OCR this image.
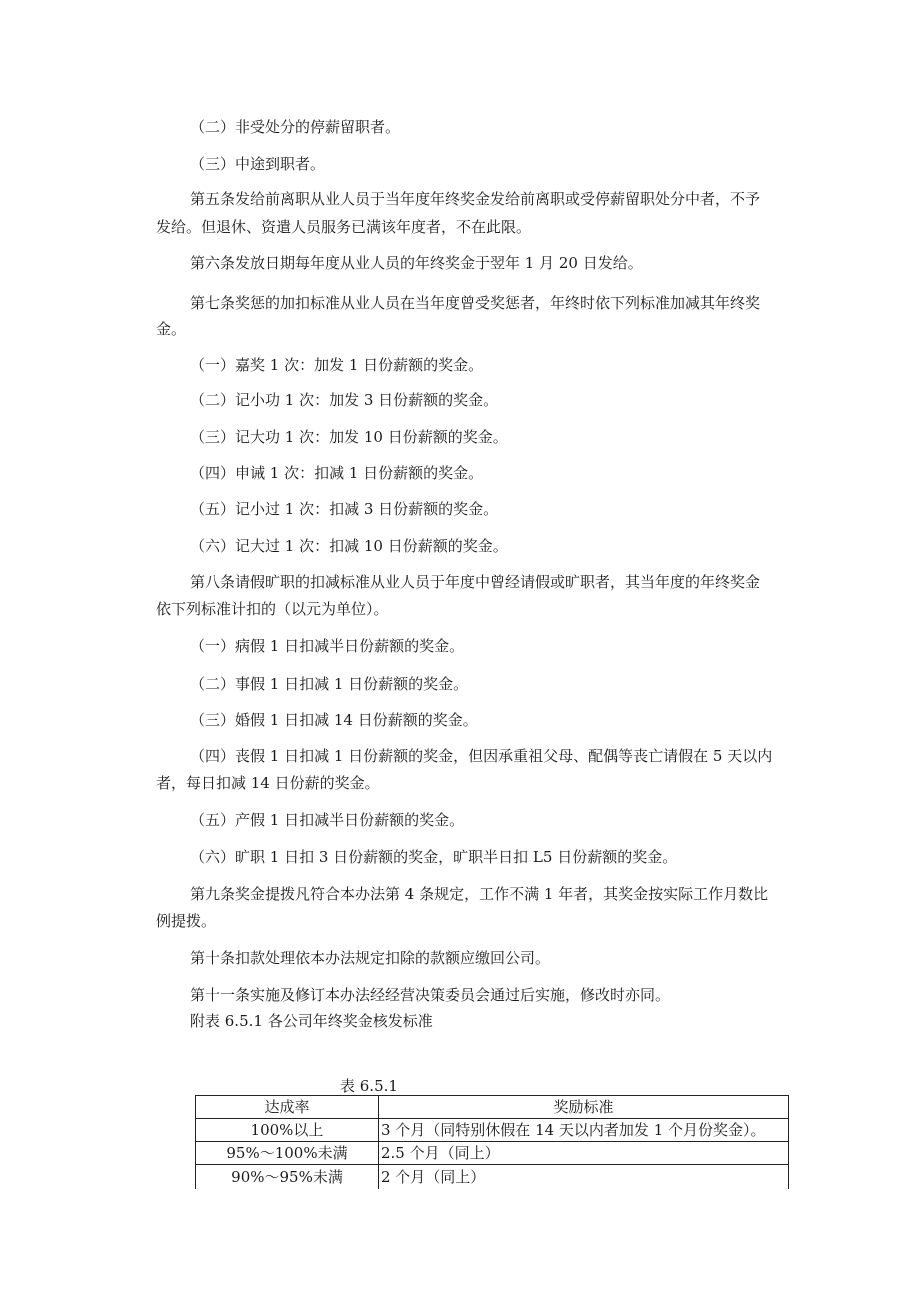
（二）非受处分的停薪留职者。
（三）中途到职者。
第五条发给前离职从业人员于当年度年终奖金发给前离职或受停薪留职处分中者，不予
发给。但退休、资遣人员服务已满该年度者，不在此限。
第六条发放日期每年度从业人员的年终奖金于翌年 1 月 20 日发给。
第七条奖惩的加扣标准从业人员在当年度曾受奖惩者，年终时依下列标准加减其年终奖
金。
（一）嘉奖 1 次：加发 1 日份薪额的奖金。
（二）记小功 1 次：加发 3 日份薪额的奖金。
（三）记大功 1 次：加发 10 日份薪额的奖金。
（四）申诫 1 次：扣减 1 日份薪额的奖金。
（五）记小过 1 次：扣减 3 日份薪额的奖金。
（六）记大过 1 次：扣减 10 日份薪额的奖金。
第八条请假旷职的扣减标准从业人员于年度中曾经请假或旷职者，其当年度的年终奖金
依下列标准计扣的（以元为单位）。
（一）病假 1 日扣减半日份薪额的奖金。
（二）事假 1 日扣减 1 日份薪额的奖金。
（三）婚假 1 日扣减 14 日份薪额的奖金。
（四）丧假 1 日扣减 1 日份薪额的奖金，但因承重祖父母、配偶等丧亡请假在 5 天以内
者，每日扣减 14 日份薪的奖金。
（五）产假 1 日扣减半日份薪额的奖金。
（六）旷职 1 日扣 3 日份薪额的奖金，旷职半日扣 L5 日份薪额的奖金。
第九条奖金提拨凡符合本办法第 4 条规定，工作不满 1 年者，其奖金按实际工作月数比
例提拨。
第十条扣款处理依本办法规定扣除的款额应缴回公司。
第十一条实施及修订本办法经经营决策委员会通过后实施，修改时亦同。
附表 6.5.1 各公司年终奖金核发标准
表 6.5.1
达成率	奖励标准
100%以上	3 个月（同特别休假在 14 天以内者加发 1 个月份奖金）。
95%～100%未满	2.5 个月（同上）
90%～95%未满	2 个月（同上）
